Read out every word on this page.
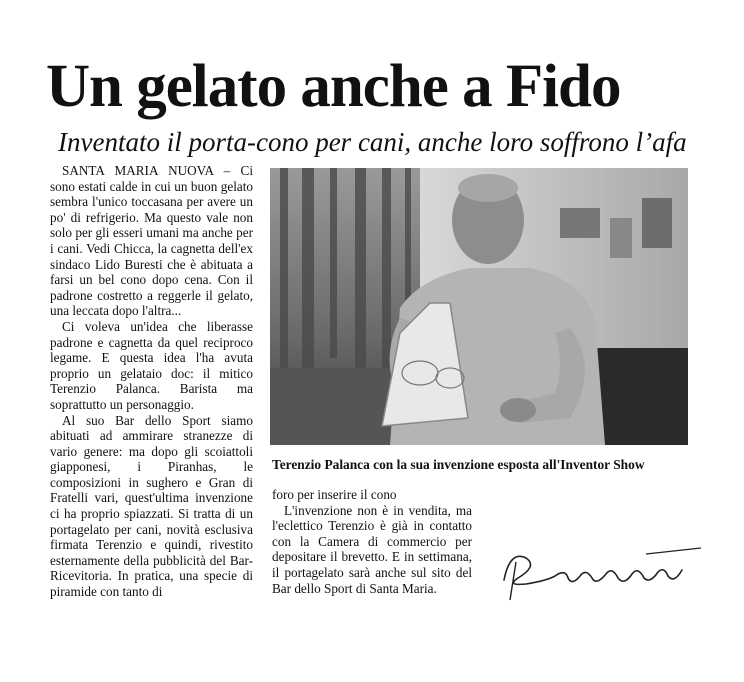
Un gelato anche a Fido
Inventato il porta-cono per cani, anche loro soffrono l’afa

SANTA MARIA NUOVA – Ci sono estati calde in cui un buon gelato sembra l'unico toccasana per avere un po' di refrigerio. Ma questo vale non solo per gli esseri umani ma anche per i cani. Vedi Chicca, la cagnetta dell'ex sindaco Lido Buresti che è abituata a farsi un bel cono dopo cena. Con il padrone costretto a reggerle il gelato, una leccata dopo l'altra...

Ci voleva un'idea che liberasse padrone e cagnetta da quel reciproco legame. E questa idea l'ha avuta proprio un gelataio doc: il mitico Terenzio Palanca. Barista ma soprattutto un personaggio.

Al suo Bar dello Sport siamo abituati ad ammirare stranezze di vario genere: ma dopo gli scoiattoli giapponesi, i Piranhas, le composizioni in sughero e Gran di Fratelli vari, quest'ultima invenzione ci ha proprio spiazzati. Si tratta di un portagelato per cani, novità esclusiva firmata Terenzio e quindi, rivestito esternamente della pubblicità del Bar-Ricevitoria. In pratica, una specie di piramide con tanto di

Terenzio Palanca con la sua invenzione esposta all'Inventor Show

foro per inserire il cono

L'invenzione non è in vendita, ma l'eclettico Terenzio è già in contatto con la Camera di commercio per depositare il brevetto. E in settimana, il portagelato sarà anche sul sito del Bar dello Sport di Santa Maria.
